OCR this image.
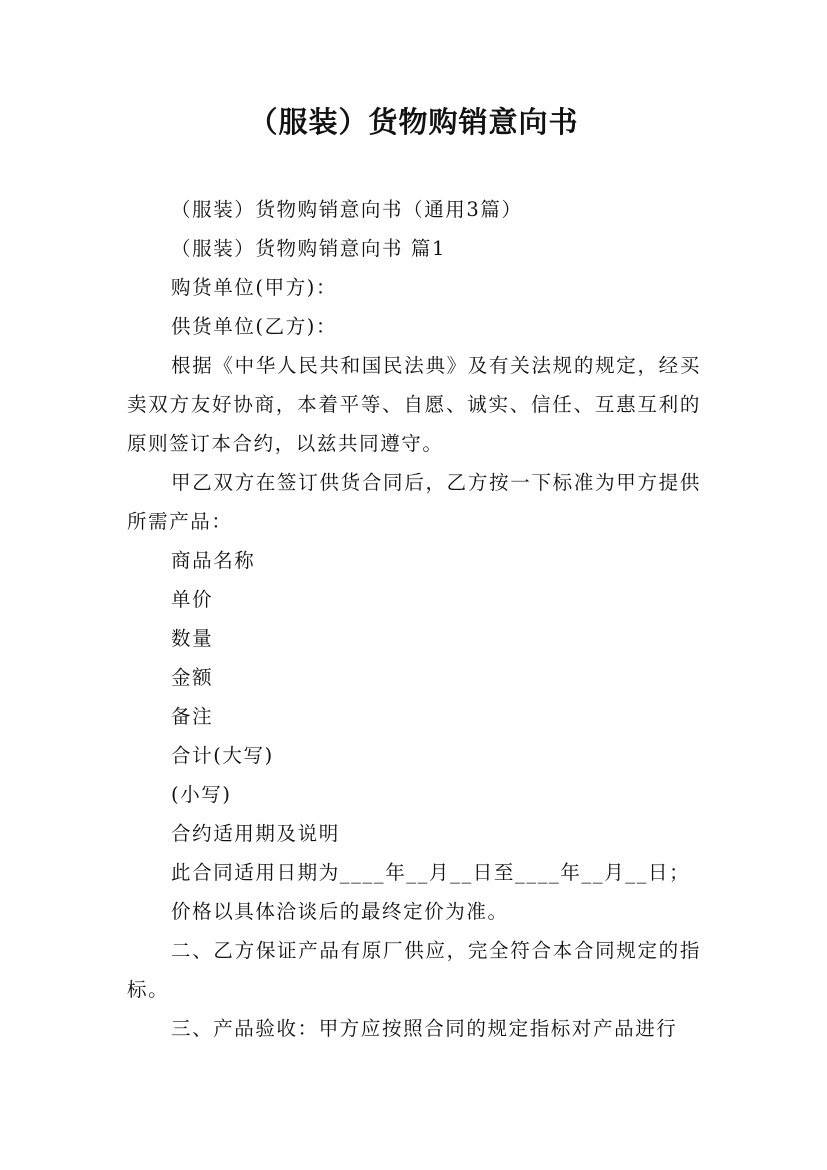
（服装）货物购销意向书

（服装）货物购销意向书（通用3篇）

（服装）货物购销意向书 篇1

购货单位(甲方)：

供货单位(乙方)：

根据《中华人民共和国民法典》及有关法规的规定，经买卖双方友好协商，本着平等、自愿、诚实、信任、互惠互利的原则签订本合约，以兹共同遵守。

甲乙双方在签订供货合同后，乙方按一下标准为甲方提供所需产品：

商品名称

单价

数量

金额

备注

合计(大写)

(小写)

合约适用期及说明

此合同适用日期为____年__月__日至____年__月__日；

价格以具体洽谈后的最终定价为准。

二、乙方保证产品有原厂供应，完全符合本合同规定的指标。

三、产品验收：甲方应按照合同的规定指标对产品进行
